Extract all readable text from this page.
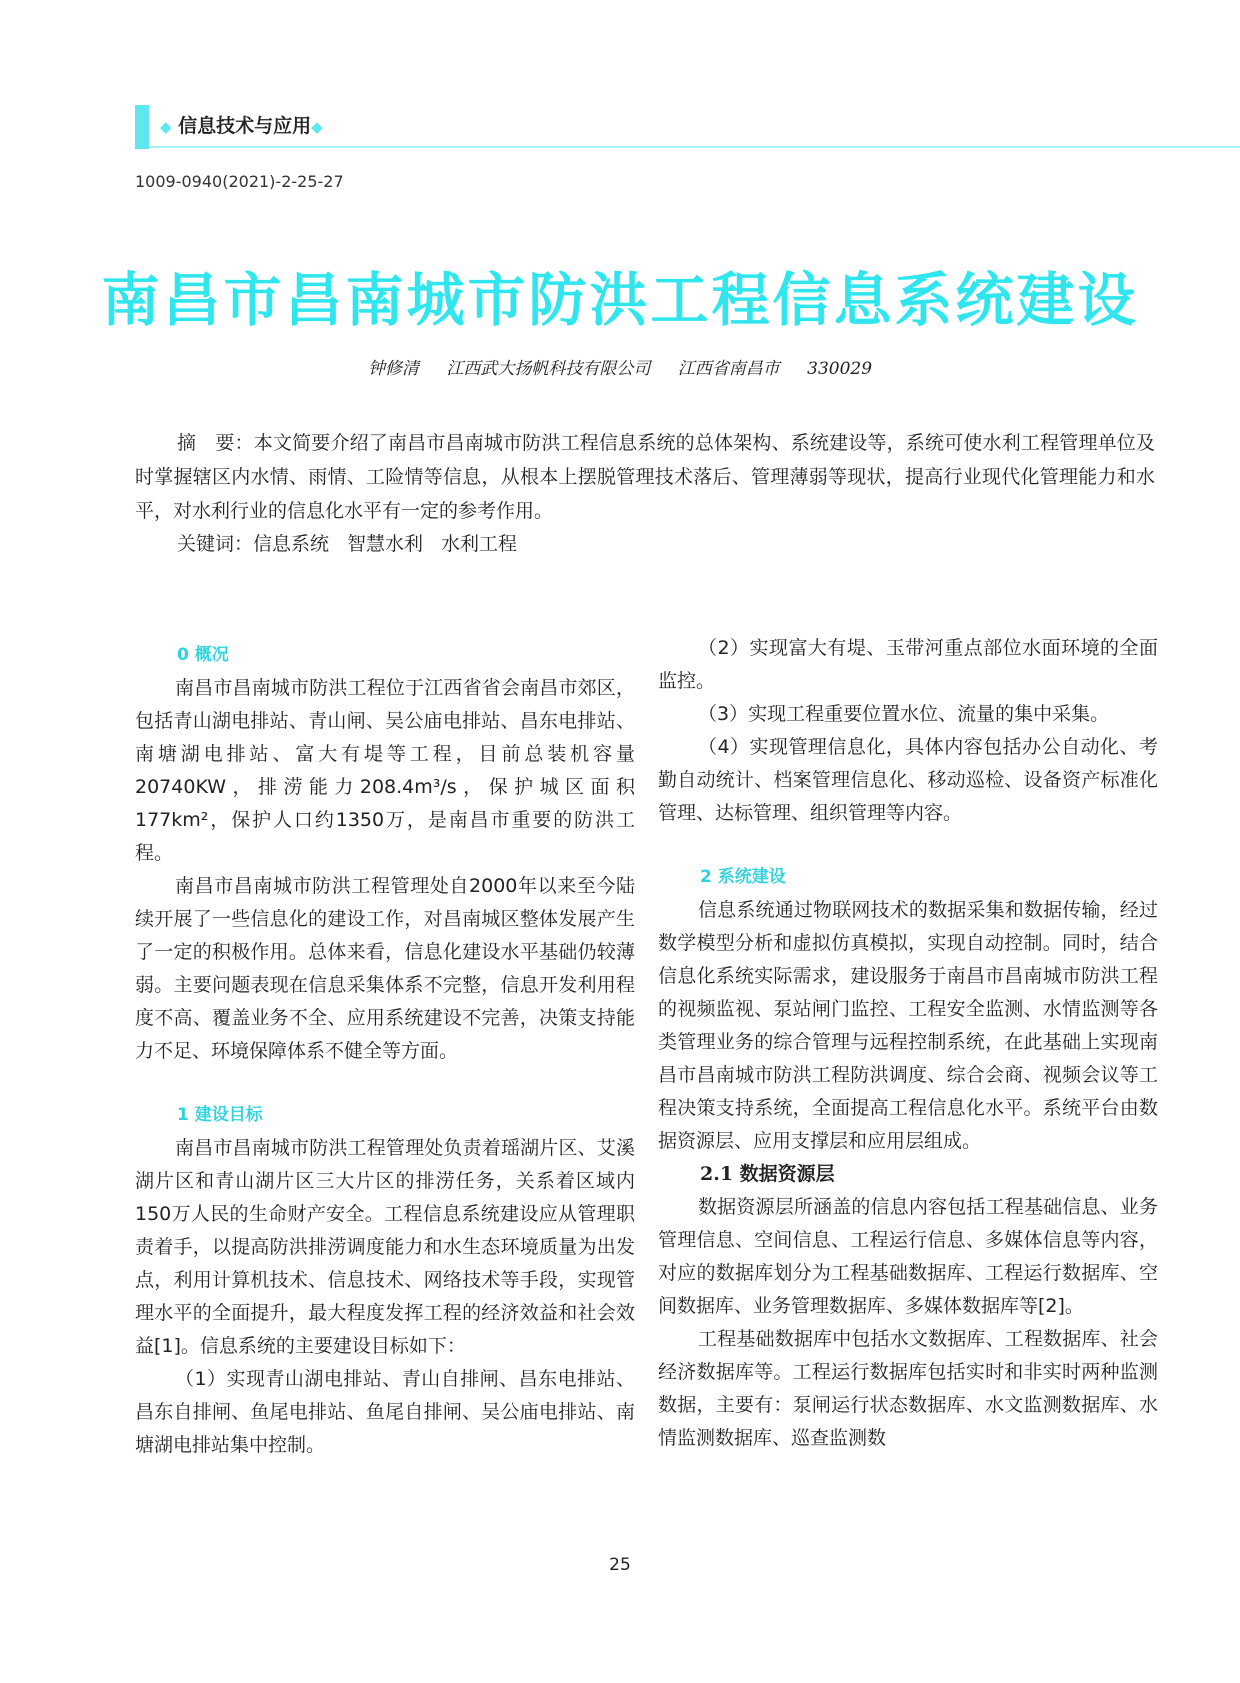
◆ 信息技术与应用◆
1009-0940(2021)-2-25-27
南昌市昌南城市防洪工程信息系统建设
钟修清 江西武大扬帆科技有限公司 江西省南昌市 330029

摘　要：本文简要介绍了南昌市昌南城市防洪工程信息系统的总体架构、系统建设等，系统可使水利工程管理单位及时掌握辖区内水情、雨情、工险情等信息，从根本上摆脱管理技术落后、管理薄弱等现状，提高行业现代化管理能力和水平，对水利行业的信息化水平有一定的参考作用。

关键词：信息系统 智慧水利 水利工程

0 概况

南昌市昌南城市防洪工程位于江西省省会南昌市郊区，包括青山湖电排站、青山闸、吴公庙电排站、昌东电排站、南塘湖电排站、富大有堤等工程，目前总装机容量20740KW，排涝能力208.4m³/s，保护城区面积177km²，保护人口约1350万，是南昌市重要的防洪工程。

南昌市昌南城市防洪工程管理处自2000年以来至今陆续开展了一些信息化的建设工作，对昌南城区整体发展产生了一定的积极作用。总体来看，信息化建设水平基础仍较薄弱。主要问题表现在信息采集体系不完整，信息开发利用程度不高、覆盖业务不全、应用系统建设不完善，决策支持能力不足、环境保障体系不健全等方面。

1 建设目标

南昌市昌南城市防洪工程管理处负责着瑶湖片区、艾溪湖片区和青山湖片区三大片区的排涝任务，关系着区域内150万人民的生命财产安全。工程信息系统建设应从管理职责着手，以提高防洪排涝调度能力和水生态环境质量为出发点，利用计算机技术、信息技术、网络技术等手段，实现管理水平的全面提升，最大程度发挥工程的经济效益和社会效益[1]。信息系统的主要建设目标如下：

（1）实现青山湖电排站、青山自排闸、昌东电排站、昌东自排闸、鱼尾电排站、鱼尾自排闸、吴公庙电排站、南塘湖电排站集中控制。

（2）实现富大有堤、玉带河重点部位水面环境的全面监控。

（3）实现工程重要位置水位、流量的集中采集。

（4）实现管理信息化，具体内容包括办公自动化、考勤自动统计、档案管理信息化、移动巡检、设备资产标准化管理、达标管理、组织管理等内容。

2 系统建设

信息系统通过物联网技术的数据采集和数据传输，经过数学模型分析和虚拟仿真模拟，实现自动控制。同时，结合信息化系统实际需求，建设服务于南昌市昌南城市防洪工程的视频监视、泵站闸门监控、工程安全监测、水情监测等各类管理业务的综合管理与远程控制系统，在此基础上实现南昌市昌南城市防洪工程防洪调度、综合会商、视频会议等工程决策支持系统，全面提高工程信息化水平。系统平台由数据资源层、应用支撑层和应用层组成。

2.1 数据资源层

数据资源层所涵盖的信息内容包括工程基础信息、业务管理信息、空间信息、工程运行信息、多媒体信息等内容，对应的数据库划分为工程基础数据库、工程运行数据库、空间数据库、业务管理数据库、多媒体数据库等[2]。

工程基础数据库中包括水文数据库、工程数据库、社会经济数据库等。工程运行数据库包括实时和非实时两种监测数据，主要有：泵闸运行状态数据库、水文监测数据库、水情监测数据库、巡查监测数

25
